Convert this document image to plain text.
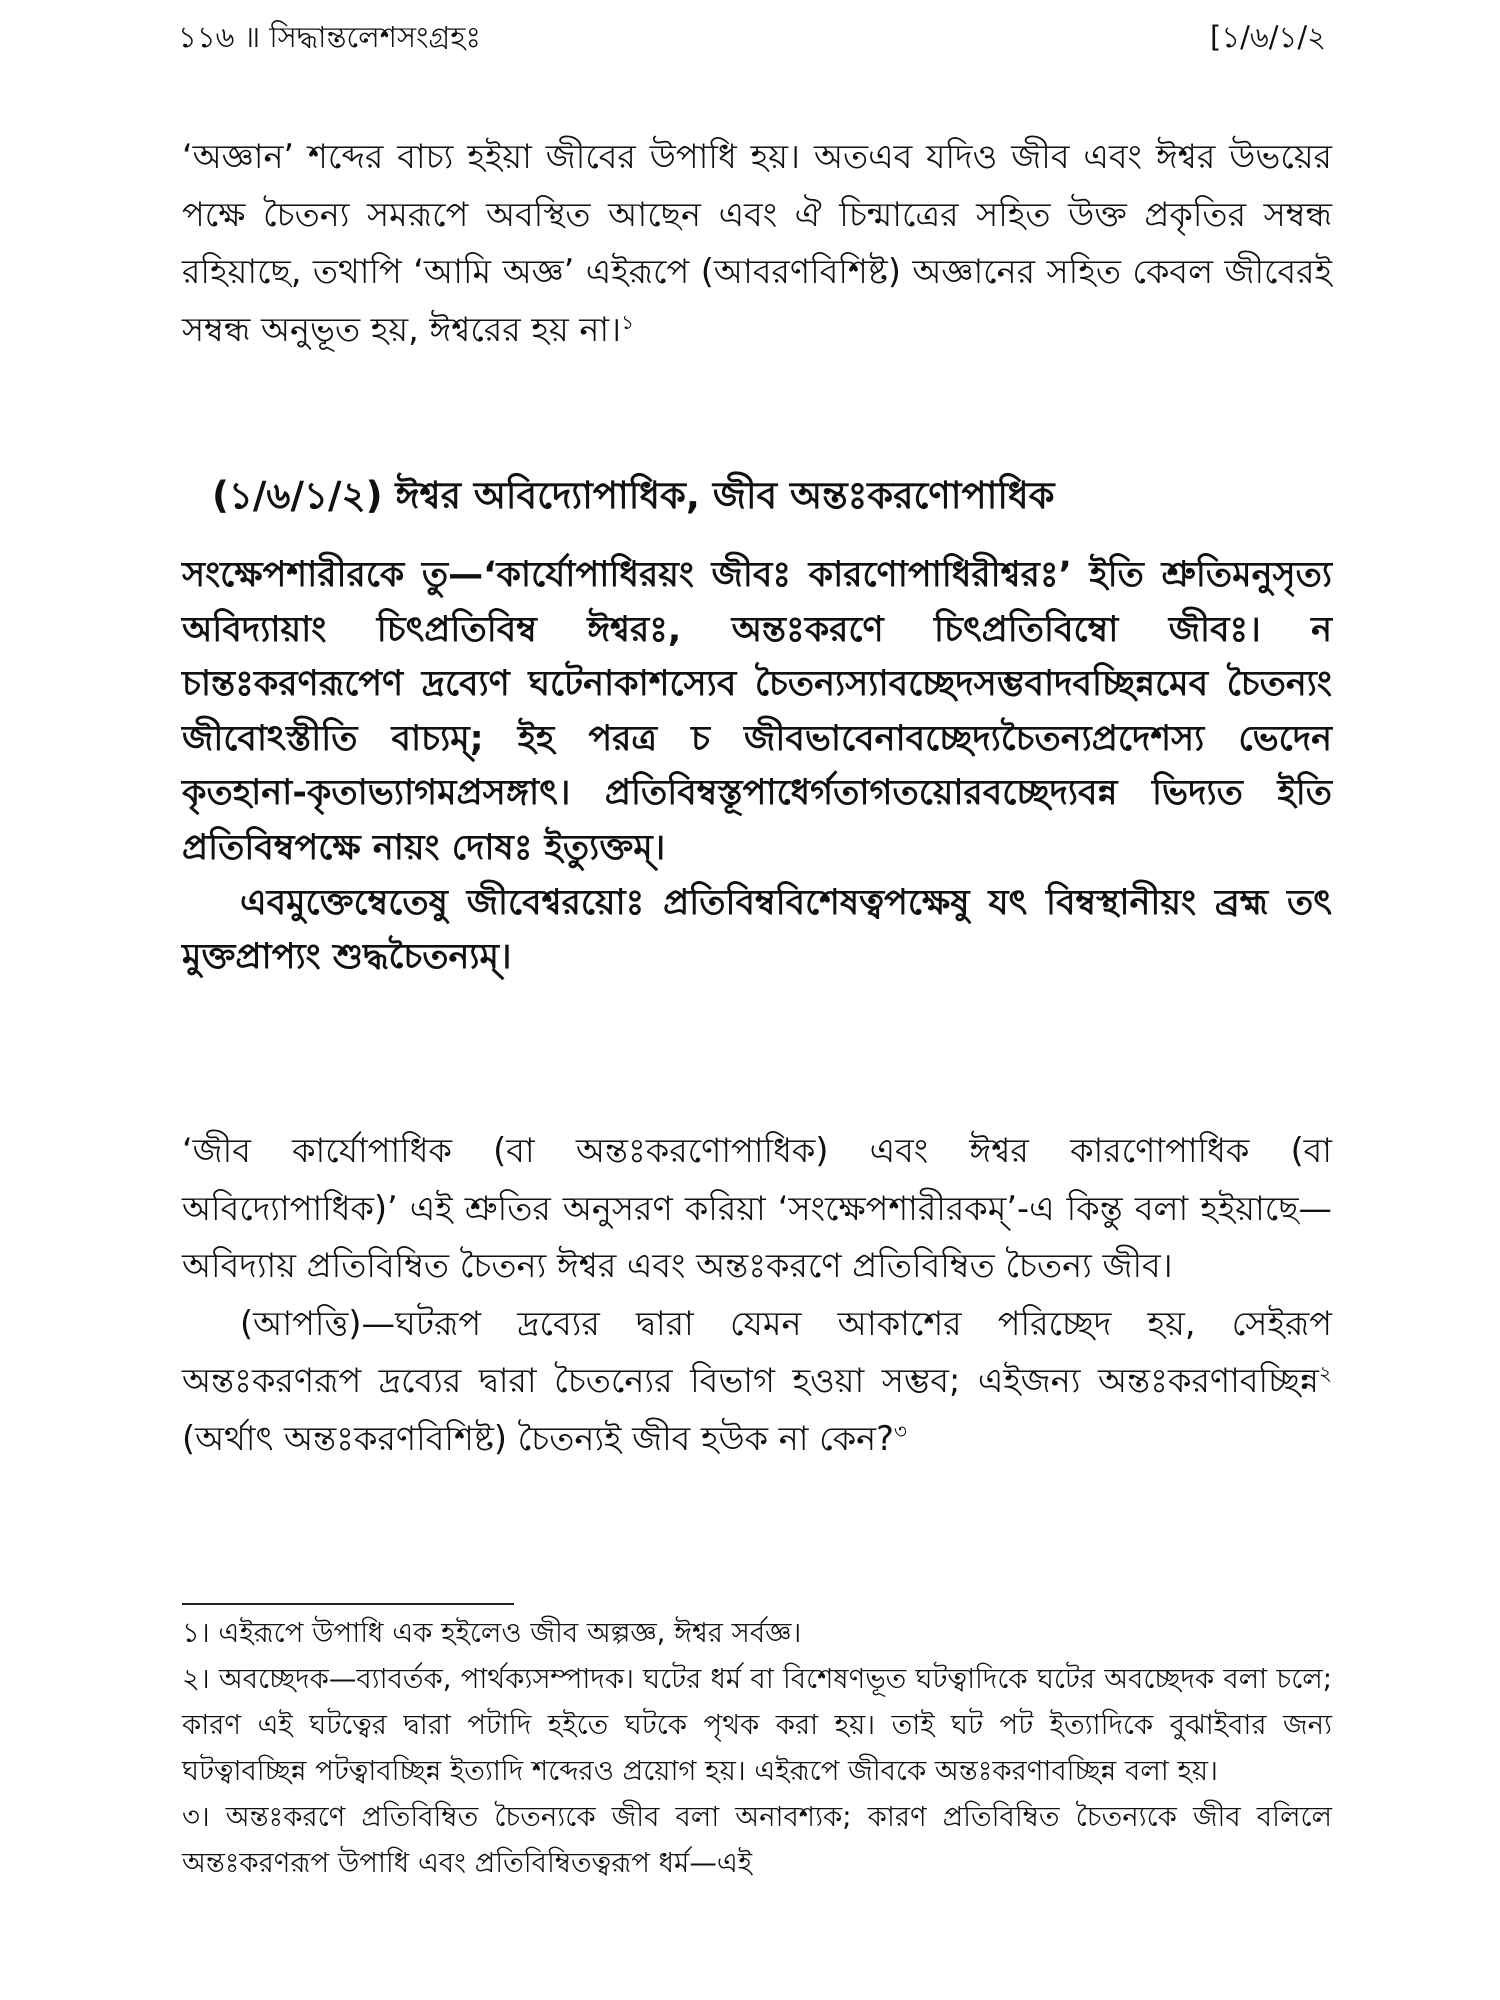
১১৬ ॥ সিদ্ধান্তলেশসংগ্রহঃ	[১/৬/১/২

‘অজ্ঞান’ শব্দের বাচ্য হইয়া জীবের উপাধি হয়। অতএব যদিও জীব এবং ঈশ্বর উভয়ের পক্ষে চৈতন্য সমরূপে অবস্থিত আছেন এবং ঐ চিন্মাত্রের সহিত উক্ত প্রকৃতির সম্বন্ধ রহিয়াছে, তথাপি ‘আমি অজ্ঞ’ এইরূপে (আবরণবিশিষ্ট) অজ্ঞানের সহিত কেবল জীবেরই সম্বন্ধ অনুভূত হয়, ঈশ্বরের হয় না।$^১$

(১/৬/১/২) ঈশ্বর অবিদ্যোপাধিক, জীব অন্তঃকরণোপাধিক

সংক্ষেপশারীরকে তু—‘কার্যোপাধিরয়ং জীবঃ কারণোপাধিরীশ্বরঃ’ ইতি শ্রুতিমনুসৃত্য অবিদ্যায়াং চিৎপ্রতিবিম্ব ঈশ্বরঃ, অন্তঃকরণে চিৎপ্রতিবিম্বো জীবঃ। ন চান্তঃকরণরূপেণ দ্রব্যেণ ঘটেনাকাশস্যেব চৈতন্যস্যাবচ্ছেদসম্ভবাদবচ্ছিন্নমেব চৈতন্যং জীবোঽস্তীতি বাচ্যম্; ইহ পরত্র চ জীবভাবেনাবচ্ছেদ্যচৈতন্যপ্রদেশস্য ভেদেন কৃতহানা-কৃতাভ্যাগমপ্রসঙ্গাৎ। প্রতিবিম্বস্তূপাধের্গতাগতয়োরবচ্ছেদ্যবন্ন ভিদ্যত ইতি প্রতিবিম্বপক্ষে নায়ং দোষঃ ইত্যুক্তম্।

এবমুক্তেম্বেতেষু জীবেশ্বরয়োঃ প্রতিবিম্ববিশেষত্বপক্ষেষু যৎ বিম্বস্থানীয়ং ব্রহ্ম তৎ মুক্তপ্রাপ্যং শুদ্ধচৈতন্যম্।

‘জীব কার্যোপাধিক (বা অন্তঃকরণোপাধিক) এবং ঈশ্বর কারণোপাধিক (বা অবিদ্যোপাধিক)’ এই শ্রুতির অনুসরণ করিয়া ‘সংক্ষেপশারীরকম্’-এ কিন্তু বলা হইয়াছে—অবিদ্যায় প্রতিবিম্বিত চৈতন্য ঈশ্বর এবং অন্তঃকরণে প্রতিবিম্বিত চৈতন্য জীব।

(আপত্তি)—ঘটরূপ দ্রব্যের দ্বারা যেমন আকাশের পরিচ্ছেদ হয়, সেইরূপ অন্তঃকরণরূপ দ্রব্যের দ্বারা চৈতন্যের বিভাগ হওয়া সম্ভব; এইজন্য অন্তঃকরণাবচ্ছিন্ন$^২$ (অর্থাৎ অন্তঃকরণবিশিষ্ট) চৈতন্যই জীব হউক না কেন?$^৩$

১। এইরূপে উপাধি এক হইলেও জীব অল্পজ্ঞ, ঈশ্বর সর্বজ্ঞ।

২। অবচ্ছেদক—ব্যাবর্তক, পার্থক্যসম্পাদক। ঘটের ধর্ম বা বিশেষণভূত ঘটত্বাদিকে ঘটের অবচ্ছেদক বলা চলে; কারণ এই ঘটত্বের দ্বারা পটাদি হইতে ঘটকে পৃথক করা হয়। তাই ঘট পট ইত্যাদিকে বুঝাইবার জন্য ঘটত্বাবচ্ছিন্ন পটত্বাবচ্ছিন্ন ইত্যাদি শব্দেরও প্রয়োগ হয়। এইরূপে জীবকে অন্তঃকরণাবচ্ছিন্ন বলা হয়।

৩। অন্তঃকরণে প্রতিবিম্বিত চৈতন্যকে জীব বলা অনাবশ্যক; কারণ প্রতিবিম্বিত চৈতন্যকে জীব বলিলে অন্তঃকরণরূপ উপাধি এবং প্রতিবিম্বিতত্বরূপ ধর্ম—এই
